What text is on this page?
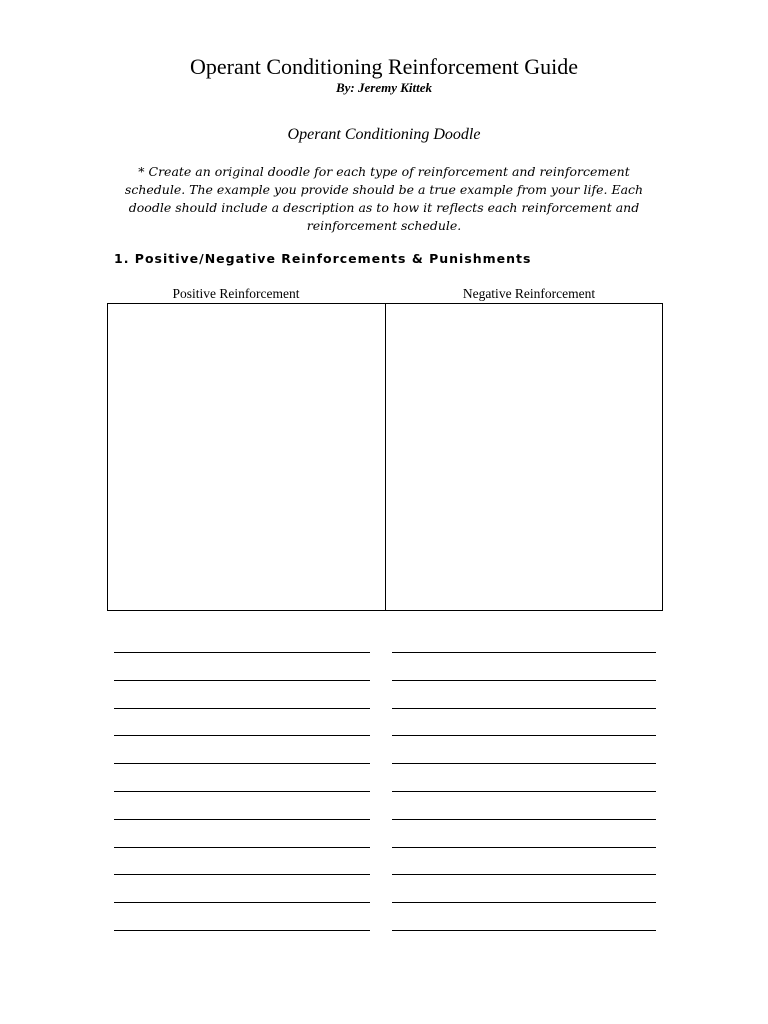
Operant Conditioning Reinforcement Guide
By: Jeremy Kittek
Operant Conditioning Doodle
* Create an original doodle for each type of reinforcement and reinforcement schedule. The example you provide should be a true example from your life. Each doodle should include a description as to how it reflects each reinforcement and reinforcement schedule.
1. Positive/Negative Reinforcements & Punishments
Positive Reinforcement	Negative Reinforcement
